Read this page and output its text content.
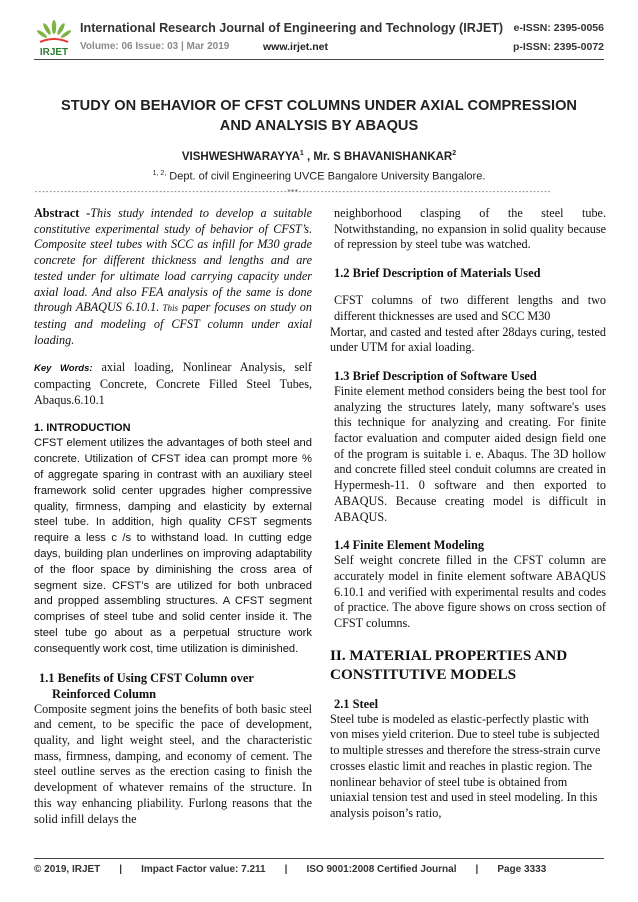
IRJET
International Research Journal of Engineering and Technology (IRJET) e-ISSN: 2395-0056
Volume: 06 Issue: 03 | Mar 2019	www.irjet.net	p-ISSN: 2395-0072
STUDY ON BEHAVIOR OF CFST COLUMNS UNDER AXIAL COMPRESSION
AND ANALYSIS BY ABAQUS
VISHWESHWARAYYA$^1$ , Mr. S BHAVANISHANKAR$^2$
$^{1, 2,}$ Dept. of civil Engineering UVCE Bangalore University Bangalore.
---------------------------------------------------------------------***---------------------------------------------------------------------

Abstract -This study intended to develop a suitable constitutive experimental study of behavior of CFST’s. Composite steel tubes with SCC as infill for M30 grade concrete for different thickness and lengths and are tested under for ultimate load carrying capacity under axial load. And also FEA analysis of the same is done through ABAQUS 6.10.1. This paper focuses on study on testing and modeling of CFST column under axial loading.

Key Words: axial loading, Nonlinear Analysis, self compacting Concrete, Concrete Filled Steel Tubes, Abaqus.6.10.1

1. INTRODUCTION

CFST element utilizes the advantages of both steel and concrete. Utilization of CFST idea can prompt more % of aggregate sparing in contrast with an auxiliary steel framework solid center upgrades higher compressive quality, firmness, damping and elasticity by external steel tube. In addition, high quality CFST segments require a less c /s to withstand load. In cutting edge days, building plan underlines on improving adaptability of the floor space by diminishing the cross area of segment size. CFST’s are utilized for both unbraced and propped assembling structures. A CFST segment comprises of steel tube and solid center inside it. The steel tube go about as a perpetual structure work consequently work cost, time utilization is diminished.

1.1 Benefits of Using CFST Column over

Reinforced Column

Composite segment joins the benefits of both basic steel and cement, to be specific the pace of development, quality, and light weight steel, and the characteristic mass, firmness, damping, and economy of cement. The steel outline serves as the erection casing to finish the development of whatever remains of the structure. In this way enhancing pliability. Furlong reasons that the solid infill delays the

neighborhood clasping of the steel tube. Notwithstanding, no expansion in solid quality because of repression by steel tube was watched.

1.2 Brief Description of Materials Used

CFST columns of two different lengths and two different thicknesses are used and SCC M30

Mortar, and casted and tested after 28days curing, tested under UTM for axial loading.

1.3 Brief Description of Software Used

Finite element method considers being the best tool for analyzing the structures lately, many software's uses this technique for analyzing and creating. For finite factor evaluation and computer aided design field one of the program is suitable i. e. Abaqus. The 3D hollow and concrete filled steel conduit columns are created in Hypermesh-11. 0 software and then exported to ABAQUS. Because creating model is difficult in ABAQUS.

1.4 Finite Element Modeling

Self weight concrete filled in the CFST column are accurately model in finite element software ABAQUS 6.10.1 and verified with experimental results and codes of practice. The above figure shows on cross section of CFST columns.

II. MATERIAL PROPERTIES AND

CONSTITUTIVE MODELS

2.1 Steel

Steel tube is modeled as elastic-perfectly plastic with von mises yield criterion. Due to steel tube is subjected to multiple stresses and therefore the stress-strain curve crosses elastic limit and reaches in plastic region. The nonlinear behavior of steel tube is obtained from uniaxial tension test and used in steel modeling. In this analysis poison’s ratio,

© 2019, IRJET | Impact Factor value: 7.211 | ISO 9001:2008 Certified Journal | Page 3333
